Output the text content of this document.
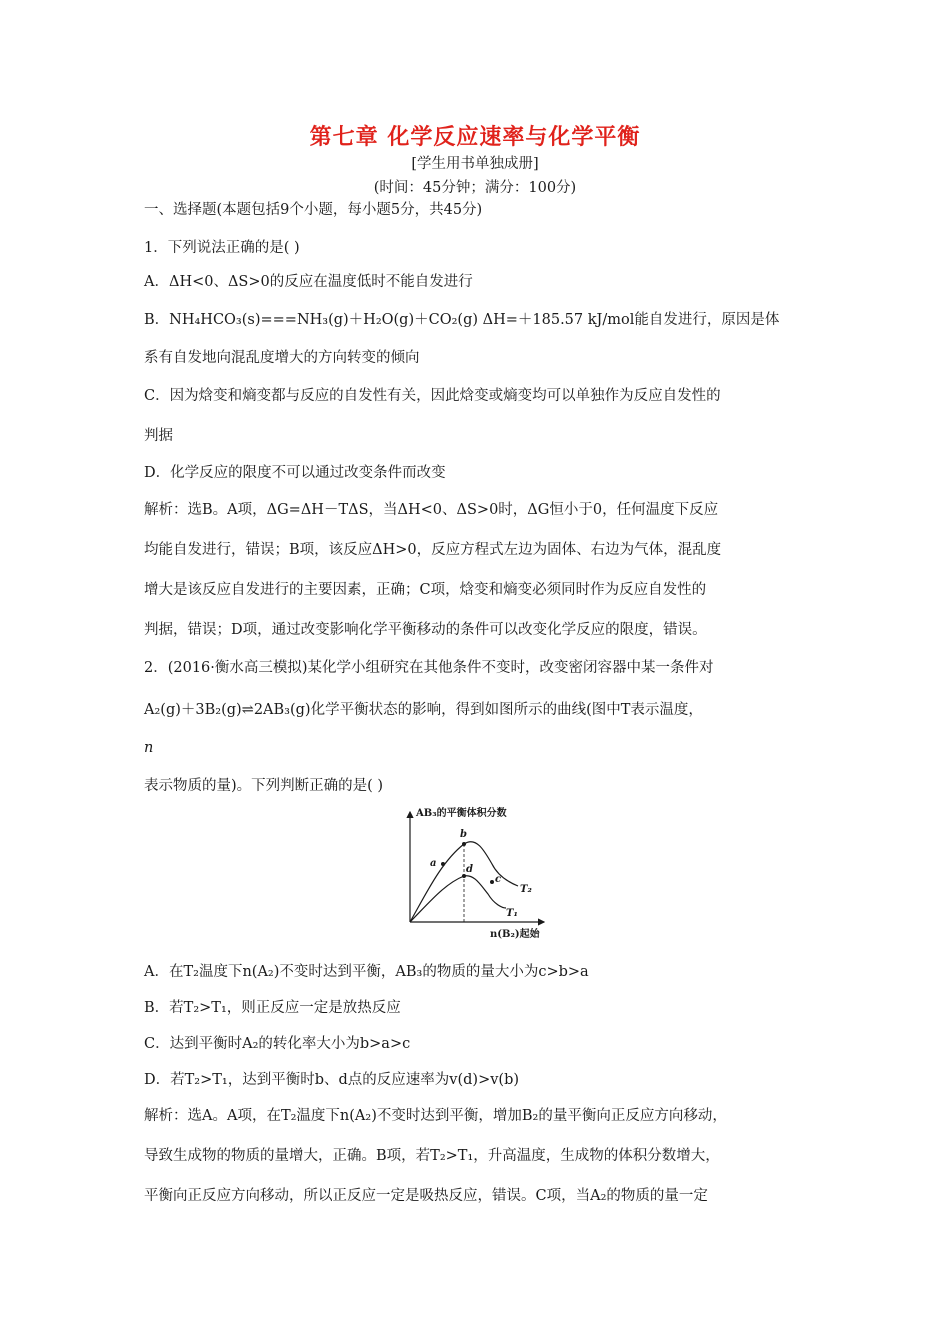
第七章 化学反应速率与化学平衡
[学生用书单独成册]
(时间：45分钟；满分：100分)
一、选择题(本题包括9个小题，每小题5分，共45分)
1．下列说法正确的是( )
A．ΔH<0、ΔS>0的反应在温度低时不能自发进行
B．NH₄HCO₃(s)===NH₃(g)＋H₂O(g)＋CO₂(g) ΔH=＋185.57 kJ/mol能自发进行，原因是体
系有自发地向混乱度增大的方向转变的倾向
C．因为焓变和熵变都与反应的自发性有关，因此焓变或熵变均可以单独作为反应自发性的
判据
D．化学反应的限度不可以通过改变条件而改变
解析：选B。A项，ΔG=ΔH－TΔS，当ΔH<0、ΔS>0时，ΔG恒小于0，任何温度下反应
均能自发进行，错误；B项，该反应ΔH>0，反应方程式左边为固体、右边为气体，混乱度
增大是该反应自发进行的主要因素，正确；C项，焓变和熵变必须同时作为反应自发性的
判据，错误；D项，通过改变影响化学平衡移动的条件可以改变化学反应的限度，错误。
2．(2016·衡水高三模拟)某化学小组研究在其他条件不变时，改变密闭容器中某一条件对
A₂(g)＋3B₂(g)⇌2AB₃(g)化学平衡状态的影响，得到如图所示的曲线(图中T表示温度，
n
表示物质的量)。下列判断正确的是( )
AB₃的平衡体积分数
n(B₂)起始
a
b
c
d
T₂
T₁
A．在T₂温度下n(A₂)不变时达到平衡，AB₃的物质的量大小为c>b>a
B．若T₂>T₁，则正反应一定是放热反应
C．达到平衡时A₂的转化率大小为b>a>c
D．若T₂>T₁，达到平衡时b、d点的反应速率为v(d)>v(b)
解析：选A。A项，在T₂温度下n(A₂)不变时达到平衡，增加B₂的量平衡向正反应方向移动，
导致生成物的物质的量增大，正确。B项，若T₂>T₁，升高温度，生成物的体积分数增大，
平衡向正反应方向移动，所以正反应一定是吸热反应，错误。C项，当A₂的物质的量一定
